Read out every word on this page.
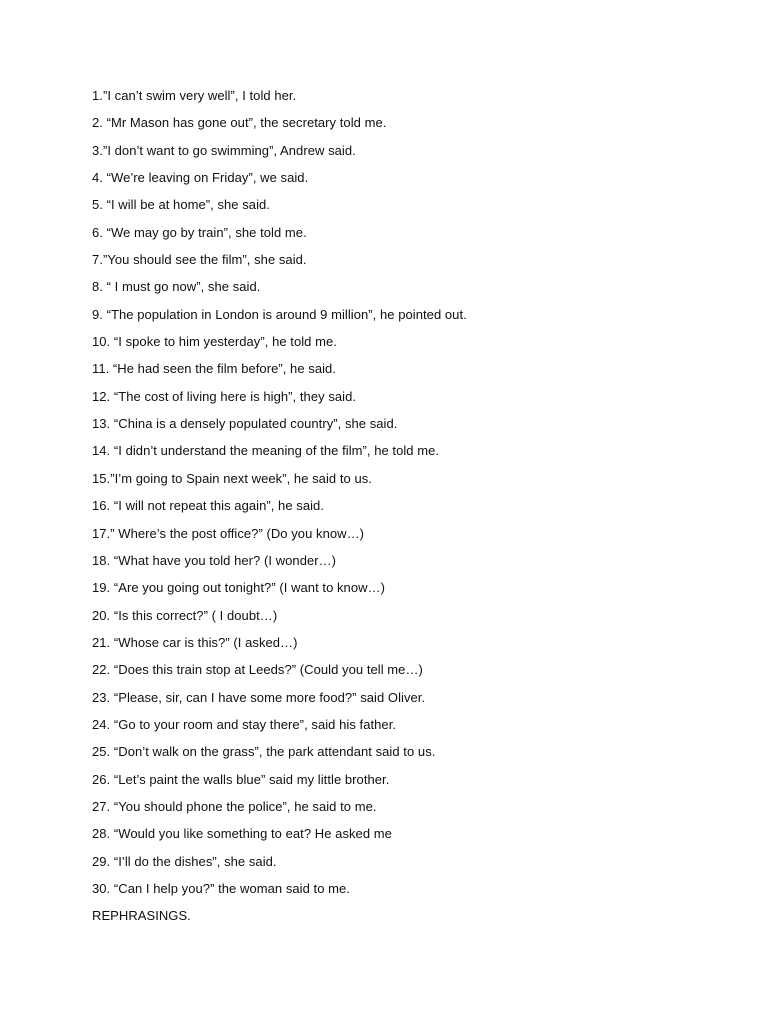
1.”I can’t swim very well”, I told her.
2. “Mr Mason has gone out”, the secretary told me.
3.”I don’t want to go swimming”, Andrew said.
4. “We’re leaving on Friday”, we said.
5. “I will be at home”, she said.
6. “We may go by train”, she told me.
7.”You should see the film”, she said.
8. “ I must go now”, she said.
9. “The population in London is around 9 million”, he pointed out.
10. “I spoke to him yesterday”, he told me.
11. “He had seen the film before”, he said.
12. “The cost of living here is high”, they said.
13. “China is a densely populated country”, she said.
14. “I didn’t understand the meaning of the film”, he told me.
15.”I’m going to Spain next week”, he said to us.
16. “I will not repeat this again”, he said.
17.” Where’s the post office?” (Do you know…)
18. “What have you told her? (I wonder…)
19. “Are you going out tonight?” (I want to know…)
20. “Is this correct?” ( I doubt…)
21. “Whose car is this?” (I asked…)
22. “Does this train stop at Leeds?” (Could you tell me…)
23. “Please, sir, can I have some more food?” said Oliver.
24. “Go to your room and stay there”, said his father.
25. “Don’t walk on the grass”, the park attendant said to us.
26. “Let’s paint the walls blue” said my little brother.
27. “You should phone the police”, he said to me.
28. “Would you like something to eat? He asked me
29. “I’ll do the dishes”, she said.
30. “Can I help you?” the woman said to me.
REPHRASINGS.
